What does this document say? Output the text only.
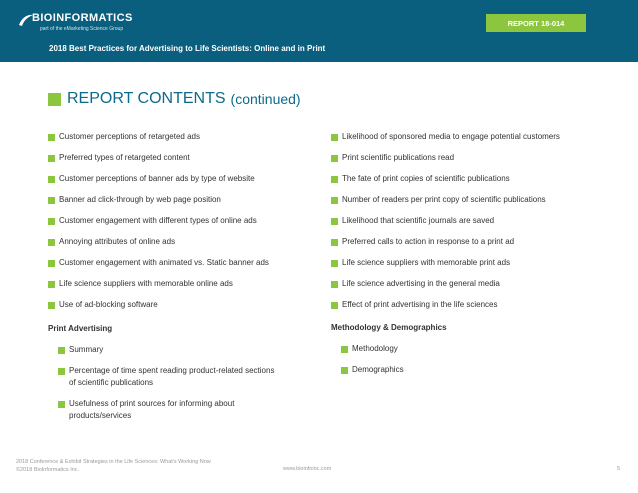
BIOINFORMATICS
part of the eMarketing Science Group
REPORT 18-014
2018 Best Practices for Advertising to Life Scientists: Online and in Print
REPORT CONTENTS (continued)
Customer perceptions of retargeted ads
Preferred types of retargeted content
Customer perceptions of banner ads by type of website
Banner ad click-through by web page position
Customer engagement with different types of online ads
Annoying attributes of online ads
Customer engagement with animated vs. Static banner ads
Life science suppliers with memorable online ads
Use of ad-blocking software
Print Advertising
Summary
Percentage of time spent reading product-related sections of scientific publications
Usefulness of print sources for informing about products/services
Likelihood of sponsored media to engage potential customers
Print scientific publications read
The fate of print copies of scientific publications
Number of readers per print copy of scientific publications
Likelihood that scientific journals are saved
Preferred calls to action in response to a print ad
Life science suppliers with memorable print ads
Life science advertising in the general media
Effect of print advertising in the life sciences
Methodology & Demographics
Methodology
Demographics
2018 Conference & Exhibit Strategies in the Life Sciences: What's Working Now
©2018 BioInformatics Inc.	www.bioinfoinc.com	5
